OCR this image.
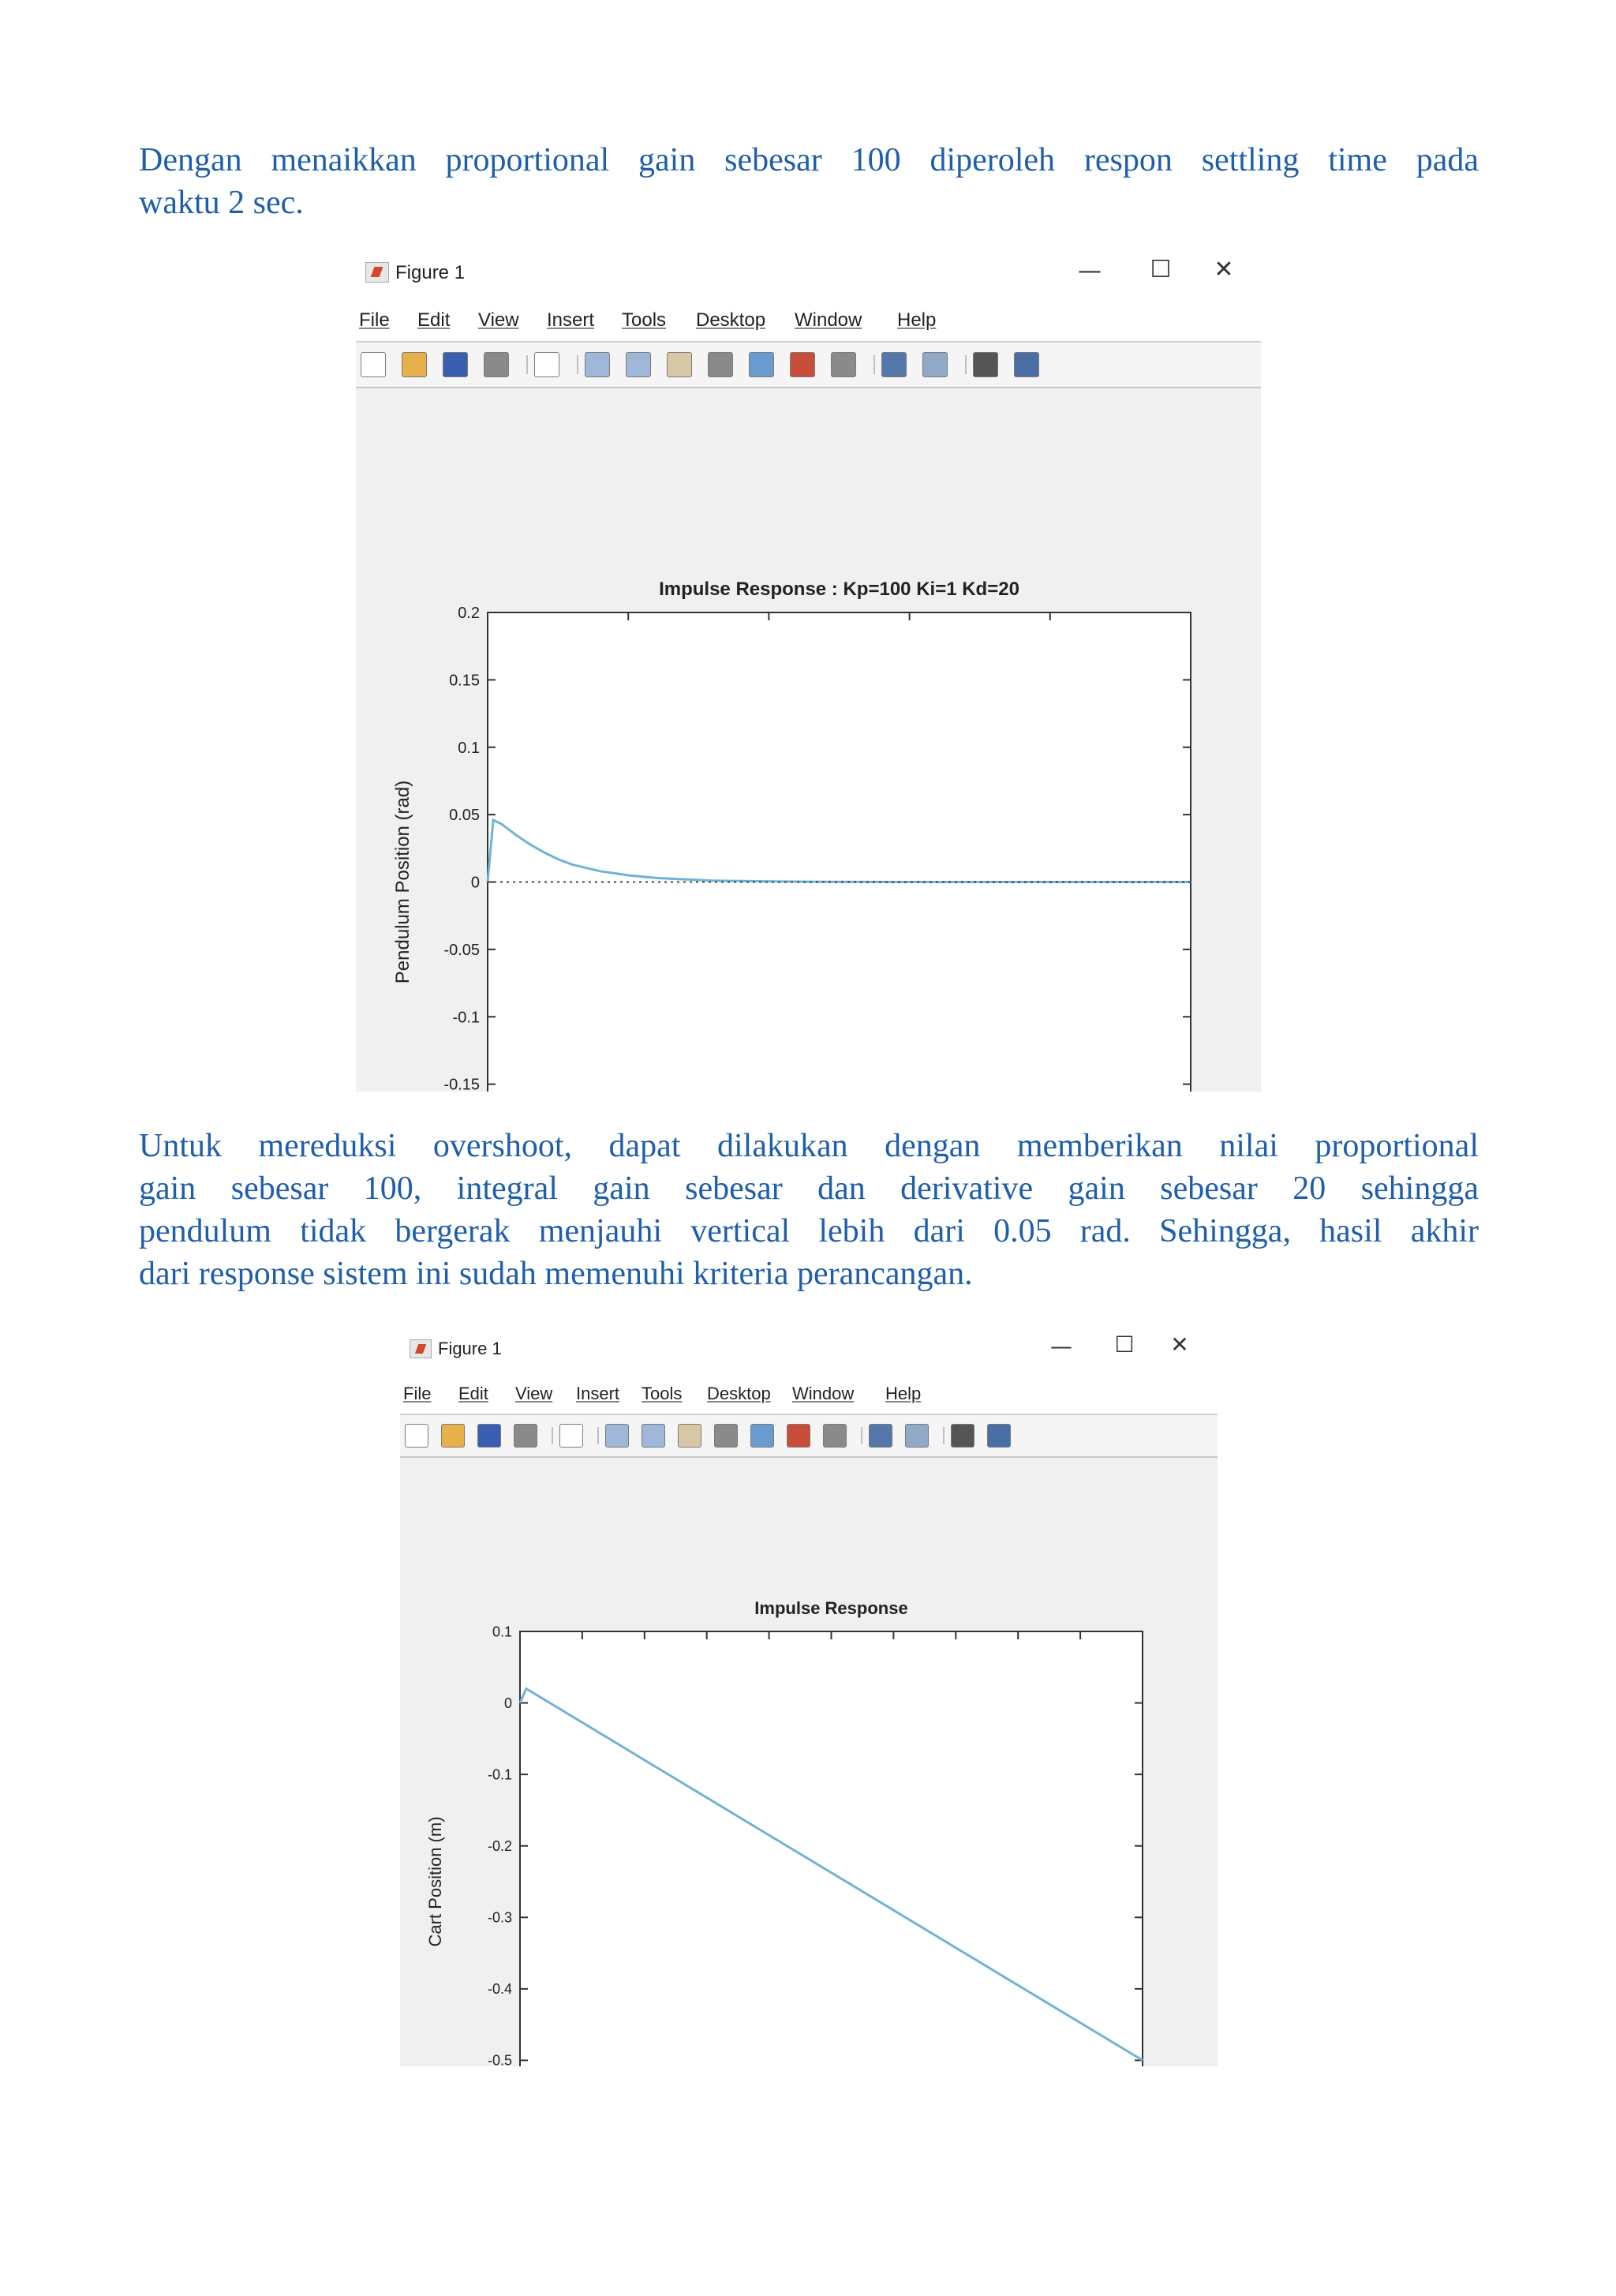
Dengan menaikkan proportional gain sebesar 100 diperoleh respon settling time pada
waktu 2 sec.
Figure 1	—	☐	✕
File Edit View Insert Tools Desktop Window Help
Impulse Response : Kp=100 Ki=1 Kd=20
0.2
0.15
0.1
0.05
0
-0.05
-0.1
-0.15
Pendulum Position (rad)
Untuk mereduksi overshoot, dapat dilakukan dengan memberikan nilai proportional
gain sebesar 100, integral gain sebesar dan derivative gain sebesar 20 sehingga
pendulum tidak bergerak menjauhi vertical lebih dari 0.05 rad. Sehingga, hasil akhir
dari response sistem ini sudah memenuhi kriteria perancangan.
Figure 1	—	☐	✕
File Edit View Insert Tools Desktop Window Help
Impulse Response
0.1
0
-0.1
-0.2
-0.3
-0.4
-0.5
Cart Position (m)
